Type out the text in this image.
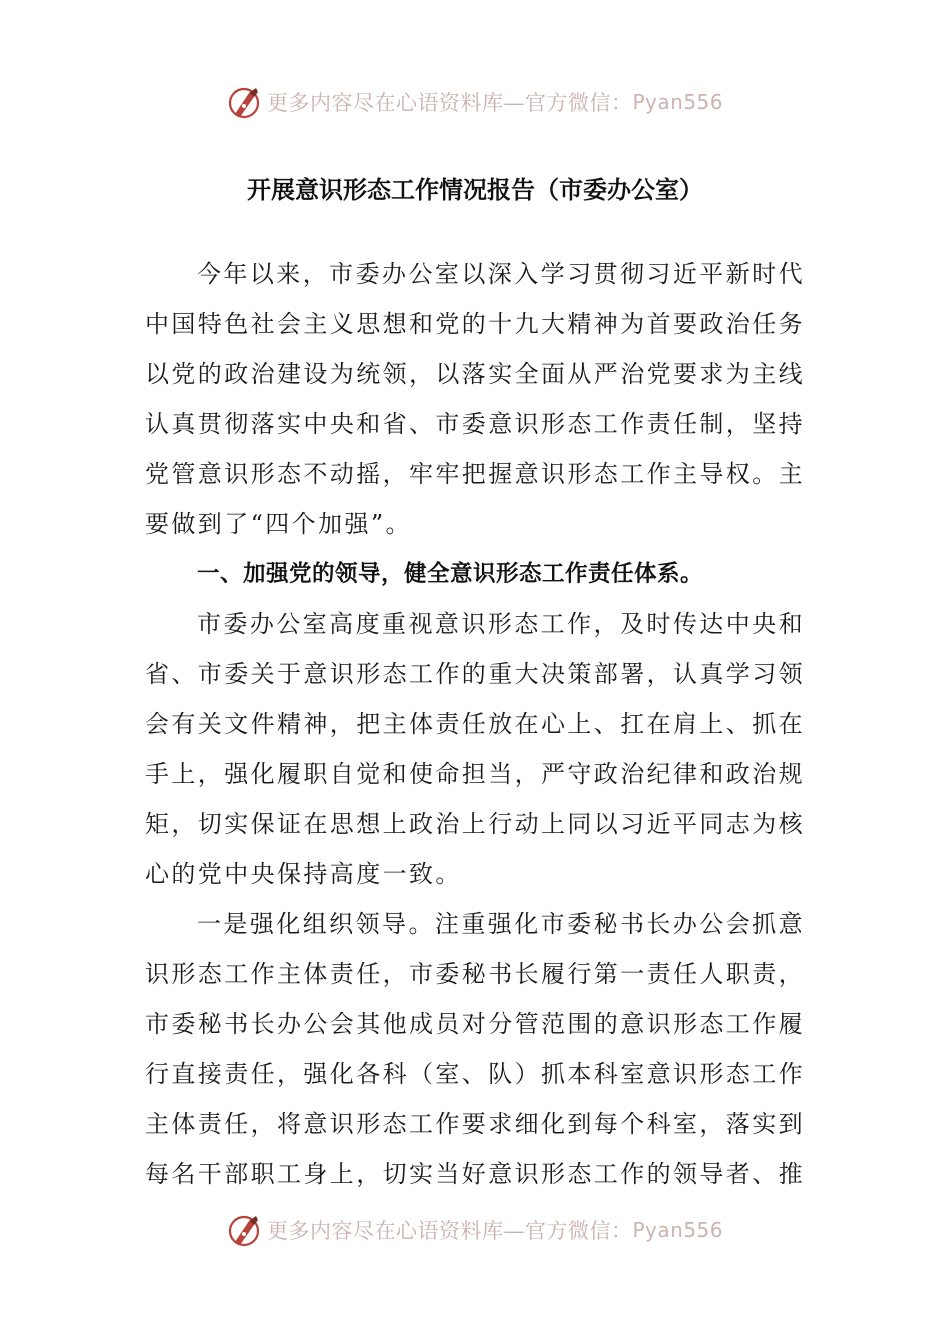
更多内容尽在心语资料库—官方微信： Pyan556
开展意识形态工作情况报告（市委办公室）

今年以来，市委办公室以深入学习贯彻习近平新时代中国特色社会主义思想和党的十九大精神为首要政治任务以党的政治建设为统领，以落实全面从严治党要求为主线认真贯彻落实中央和省、市委意识形态工作责任制，坚持党管意识形态不动摇，牢牢把握意识形态工作主导权。主要做到了“四个加强”。

一、加强党的领导，健全意识形态工作责任体系。

市委办公室高度重视意识形态工作，及时传达中央和省、市委关于意识形态工作的重大决策部署，认真学习领会有关文件精神，把主体责任放在心上、扛在肩上、抓在手上，强化履职自觉和使命担当，严守政治纪律和政治规矩，切实保证在思想上政治上行动上同以习近平同志为核心的党中央保持高度一致。

一是强化组织领导。注重强化市委秘书长办公会抓意识形态工作主体责任，市委秘书长履行第一责任人职责，市委秘书长办公会其他成员对分管范围的意识形态工作履行直接责任，强化各科（室、队）抓本科室意识形态工作主体责任，将意识形态工作要求细化到每个科室，落实到每名干部职工身上，切实当好意识形态工作的领导者、推

更多内容尽在心语资料库—官方微信： Pyan556
